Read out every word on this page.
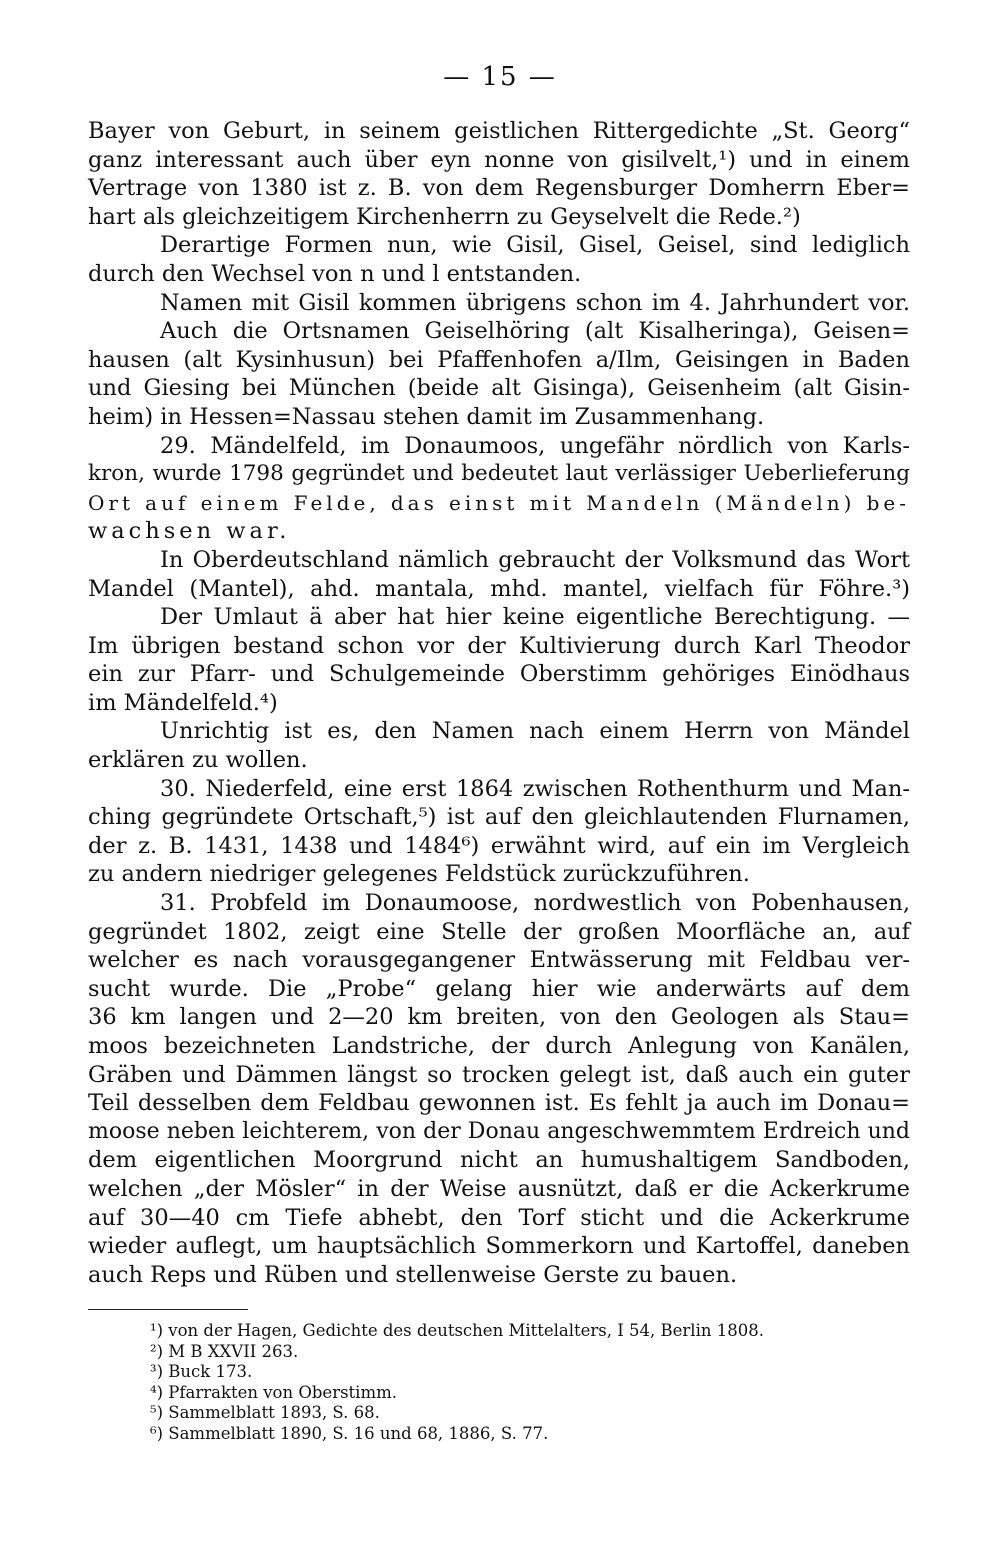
— 15 —
Bayer von Geburt, in seinem geistlichen Rittergedichte „St. Georg“
ganz interessant auch über eyn nonne von gisilvelt,¹) und in einem
Vertrage von 1380 ist z. B. von dem Regensburger Domherrn Eber=
hart als gleichzeitigem Kirchenherrn zu Geyselvelt die Rede.²)
Derartige Formen nun, wie Gisil, Gisel, Geisel, sind lediglich
durch den Wechsel von n und l entstanden.
Namen mit Gisil kommen übrigens schon im 4. Jahrhundert vor.
Auch die Ortsnamen Geiselhöring (alt Kisalheringa), Geisen=
hausen (alt Kysinhusun) bei Pfaffenhofen a/Ilm, Geisingen in Baden
und Giesing bei München (beide alt Gisinga), Geisenheim (alt Gisin-
heim) in Hessen=Nassau stehen damit im Zusammenhang.
29. Mändelfeld, im Donaumoos, ungefähr nördlich von Karls-
kron, wurde 1798 gegründet und bedeutet laut verlässiger Ueberlieferung
Ort auf einem Felde, das einst mit Mandeln (Mändeln) be-
wachsen war.
In Oberdeutschland nämlich gebraucht der Volksmund das Wort
Mandel (Mantel), ahd. mantala, mhd. mantel, vielfach für Föhre.³)
Der Umlaut ä aber hat hier keine eigentliche Berechtigung. —
Im übrigen bestand schon vor der Kultivierung durch Karl Theodor
ein zur Pfarr- und Schulgemeinde Oberstimm gehöriges Einödhaus
im Mändelfeld.⁴)
Unrichtig ist es, den Namen nach einem Herrn von Mändel
erklären zu wollen.
30. Niederfeld, eine erst 1864 zwischen Rothenthurm und Man-
ching gegründete Ortschaft,⁵) ist auf den gleichlautenden Flurnamen,
der z. B. 1431, 1438 und 1484⁶) erwähnt wird, auf ein im Vergleich
zu andern niedriger gelegenes Feldstück zurückzuführen.
31. Probfeld im Donaumoose, nordwestlich von Pobenhausen,
gegründet 1802, zeigt eine Stelle der großen Moorfläche an, auf
welcher es nach vorausgegangener Entwässerung mit Feldbau ver-
sucht wurde. Die „Probe“ gelang hier wie anderwärts auf dem
36 km langen und 2—20 km breiten, von den Geologen als Stau=
moos bezeichneten Landstriche, der durch Anlegung von Kanälen,
Gräben und Dämmen längst so trocken gelegt ist, daß auch ein guter
Teil desselben dem Feldbau gewonnen ist. Es fehlt ja auch im Donau=
moose neben leichterem, von der Donau angeschwemmtem Erdreich und
dem eigentlichen Moorgrund nicht an humushaltigem Sandboden,
welchen „der Mösler“ in der Weise ausnützt, daß er die Ackerkrume
auf 30—40 cm Tiefe abhebt, den Torf sticht und die Ackerkrume
wieder auflegt, um hauptsächlich Sommerkorn und Kartoffel, daneben
auch Reps und Rüben und stellenweise Gerste zu bauen.
¹) von der Hagen, Gedichte des deutschen Mittelalters, I 54, Berlin 1808.
²) M B XXVII 263.
³) Buck 173.
⁴) Pfarrakten von Oberstimm.
⁵) Sammelblatt 1893, S. 68.
⁶) Sammelblatt 1890, S. 16 und 68, 1886, S. 77.
